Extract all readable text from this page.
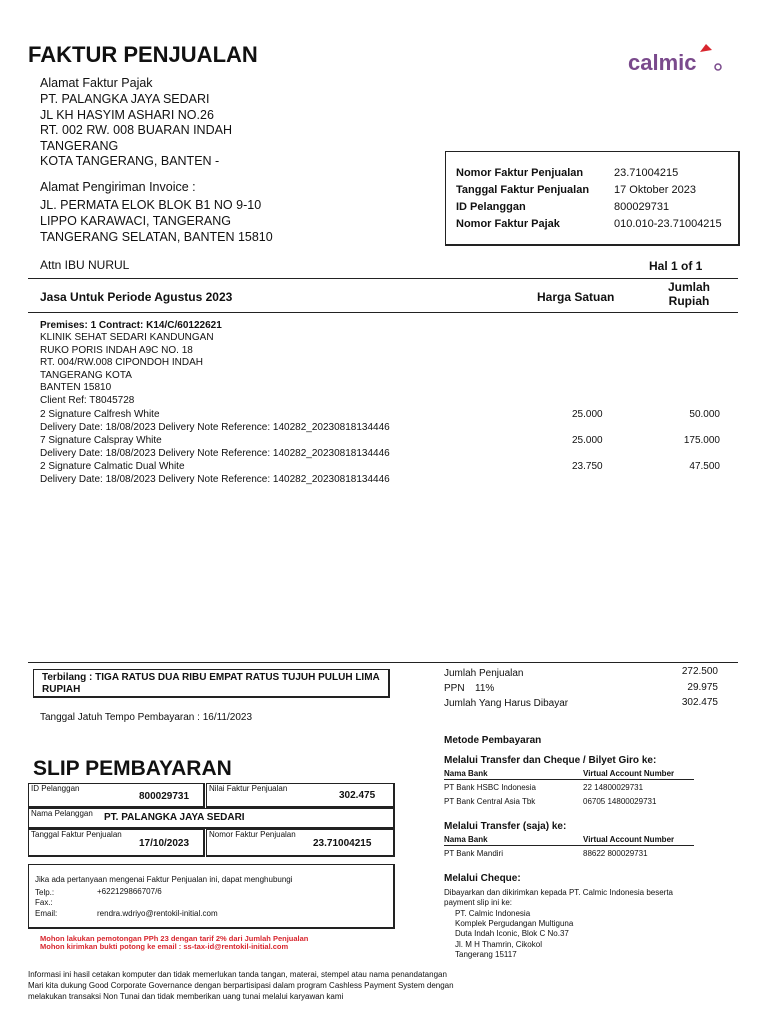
FAKTUR PENJUALAN	calmic
Alamat Faktur Pajak
PT. PALANGKA JAYA SEDARI
JL KH HASYIM ASHARI NO.26
RT. 002 RW. 008 BUARAN INDAH
TANGERANG
KOTA TANGERANG, BANTEN -
Alamat Pengiriman Invoice :
JL. PERMATA ELOK BLOK B1 NO 9-10
LIPPO KARAWACI, TANGERANG
TANGERANG SELATAN, BANTEN 15810
Nomor Faktur Penjualan	23.71004215
Tanggal Faktur Penjualan 17 Oktober 2023
ID Pelanggan	800029731
Nomor Faktur Pajak	010.010-23.71004215
Attn IBU NURUL	Hal 1 of 1
Jasa Untuk Periode Agustus 2023	Harga Satuan
Jumlah
Rupiah
Premises: 1 Contract: K14/C/60122621
KLINIK SEHAT SEDARI KANDUNGAN
RUKO PORIS INDAH A9C NO. 18
RT. 004/RW.008 CIPONDOH INDAH
TANGERANG KOTA
BANTEN 15810
Client Ref: T8045728
2 Signature Calfresh White	25.000	50.000
Delivery Date: 18/08/2023 Delivery Note Reference: 140282_20230818134446
7 Signature Calspray White	25.000	175.000
Delivery Date: 18/08/2023 Delivery Note Reference: 140282_20230818134446
2 Signature Calmatic Dual White	23.750	47.500
Delivery Date: 18/08/2023 Delivery Note Reference: 140282_20230818134446
Terbilang : TIGA RATUS DUA RIBU EMPAT RATUS TUJUH PULUH LIMA RUPIAH
Jumlah Penjualan	272.500
PPN 11%	29.975
Jumlah Yang Harus Dibayar	302.475
Tanggal Jatuh Tempo Pembayaran : 16/11/2023
SLIP PEMBAYARAN
ID Pelanggan
800029731
Nilai Faktur Penjualan
302.475
Nama Pelanggan PT. PALANGKA JAYA SEDARI
Tanggal Faktur Penjualan
17/10/2023
Nomor Faktur Penjualan
23.71004215
Jika ada pertanyaan mengenai Faktur Penjualan ini, dapat menghubungi
Telp.:	+622129866707/6
Fax.:
Email:	rendra.wdriyo@rentokil-initial.com
Mohon lakukan pemotongan PPh 23 dengan tarif 2% dari Jumlah Penjualan
Mohon kirimkan bukti potong ke email : ss-tax-id@rentokil-initial.com
Informasi ini hasil cetakan komputer dan tidak memerlukan tanda tangan, materai, stempel atau nama penandatangan
Mari kita dukung Good Corporate Governance dengan berpartisipasi dalam program Cashless Payment System dengan
melakukan transaksi Non Tunai dan tidak memberikan uang tunai melalui karyawan kami
Metode Pembayaran
Melalui Transfer dan Cheque / Bilyet Giro ke:
Nama Bank	Virtual Account Number
PT Bank HSBC Indonesia	22 14800029731
PT Bank Central Asia Tbk	06705 14800029731
Melalui Transfer (saja) ke:
Nama Bank	Virtual Account Number
PT Bank Mandiri	88622 800029731
Melalui Cheque:
Dibayarkan dan dikirimkan kepada PT. Calmic Indonesia beserta
payment slip ini ke:
PT. Calmic Indonesia
Komplek Pergudangan Multiguna
Duta Indah Iconic, Blok C No.37
Jl. M H Thamrin, Cikokol
Tangerang 15117
